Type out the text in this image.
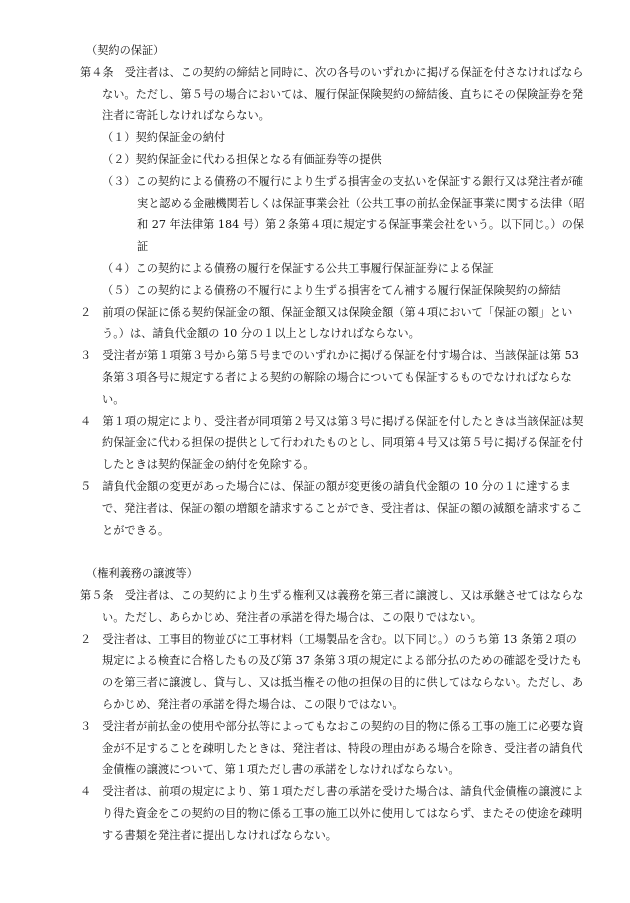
（契約の保証）

第４条　受注者は、この契約の締結と同時に、次の各号のいずれかに掲げる保証を付さなければならない。ただし、第５号の場合においては、履行保証保険契約の締結後、直ちにその保険証券を発注者に寄託しなければならない。

（１）契約保証金の納付

（２）契約保証金に代わる担保となる有価証券等の提供

（３）この契約による債務の不履行により生ずる損害金の支払いを保証する銀行又は発注者が確実と認める金融機関若しくは保証事業会社（公共工事の前払金保証事業に関する法律（昭和 27 年法律第 184 号）第２条第４項に規定する保証事業会社をいう。以下同じ。）の保証

（４）この契約による債務の履行を保証する公共工事履行保証証券による保証

（５）この契約による債務の不履行により生ずる損害をてん補する履行保証保険契約の締結

２　前項の保証に係る契約保証金の額、保証金額又は保険金額（第４項において「保証の額」という。）は、請負代金額の 10 分の１以上としなければならない。

３　受注者が第１項第３号から第５号までのいずれかに掲げる保証を付す場合は、当該保証は第 53 条第３項各号に規定する者による契約の解除の場合についても保証するものでなければならない。

４　第１項の規定により、受注者が同項第２号又は第３号に掲げる保証を付したときは当該保証は契約保証金に代わる担保の提供として行われたものとし、同項第４号又は第５号に掲げる保証を付したときは契約保証金の納付を免除する。

５　請負代金額の変更があった場合には、保証の額が変更後の請負代金額の 10 分の１に達するまで、発注者は、保証の額の増額を請求することができ、受注者は、保証の額の減額を請求することができる。

（権利義務の譲渡等）

第５条　受注者は、この契約により生ずる権利又は義務を第三者に譲渡し、又は承継させてはならない。ただし、あらかじめ、発注者の承諾を得た場合は、この限りではない。

２　受注者は、工事目的物並びに工事材料（工場製品を含む。以下同じ。）のうち第 13 条第２項の規定による検査に合格したもの及び第 37 条第３項の規定による部分払のための確認を受けたものを第三者に譲渡し、貸与し、又は抵当権その他の担保の目的に供してはならない。ただし、あらかじめ、発注者の承諾を得た場合は、この限りではない。

３　受注者が前払金の使用や部分払等によってもなおこの契約の目的物に係る工事の施工に必要な資金が不足することを疎明したときは、発注者は、特段の理由がある場合を除き、受注者の請負代金債権の譲渡について、第１項ただし書の承諾をしなければならない。

４　受注者は、前項の規定により、第１項ただし書の承諾を受けた場合は、請負代金債権の譲渡により得た資金をこの契約の目的物に係る工事の施工以外に使用してはならず、またその使途を疎明する書類を発注者に提出しなければならない。
